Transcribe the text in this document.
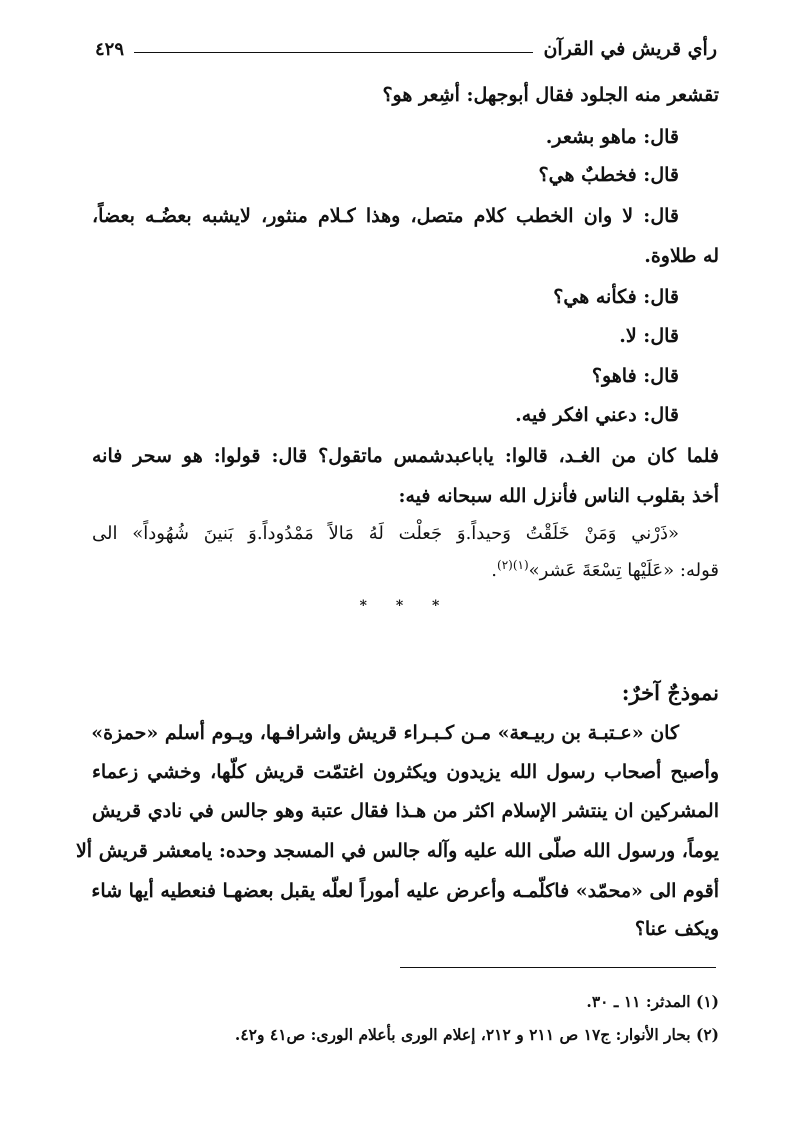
رأي قريش في القرآن
٤٢٩
تقشعر منه الجلود فقال أبوجهل: أشِعر هو؟
قال: ماهو بشعر.
قال: فخطبٌ هي؟
قال: لا وان الخطب كلام متصل، وهذا كـلام منثور، لايشبه بعضُـه بعضاً،
له طلاوة.
قال: فكأنه هي؟
قال: لا.
قال: فاهو؟
قال: دعني افكر فيه.
فلما كان من الغـد، قالوا: ياباعبدشمس ماتقول؟ قال: قولوا: هو سحر فانه
أخذ بقلوب الناس فأنزل الله سبحانه فيه:
«ذَرْني وَمَنْ خَلَقْتُ وَحيداً.وَ جَعلْت لَهُ مَالاً مَمْدُوداً.وَ بَنينَ شُهُوداً» الى
قوله: «عَلَيْها تِسْعَةَ عَشر»$^{(١)(٢)}$.
* * *
نموذجٌ آخرٌ:
كان «عـتبـة بن ربيـعة» مـن كـبـراء قريش واشرافـها، ويـوم أسلم «حمزة»
وأصبح أصحاب رسول الله يزيدون ويكثرون اغتمّت قريش كلّها، وخشي زعماء
المشركين ان ينتشر الإسلام اكثر من هـذا فقال عتبة وهو جالس في نادي قريش
يوماً، ورسول الله صلّى الله عليه وآله جالس في المسجد وحده: يامعشر قريش ألا
أقوم الى «محمّد» فاكلّمـه وأعرض عليه أموراً لعلّه يقبل بعضهـا فنعطيه أيها شاء
ويكف عنا؟
(١) المدثر: ١١ ـ ٣٠.
(٢) بحار الأنوار: ج١٧ ص ٢١١ و ٢١٢، إعلام الورى بأعلام الورى: ص٤١ و٤٢.
